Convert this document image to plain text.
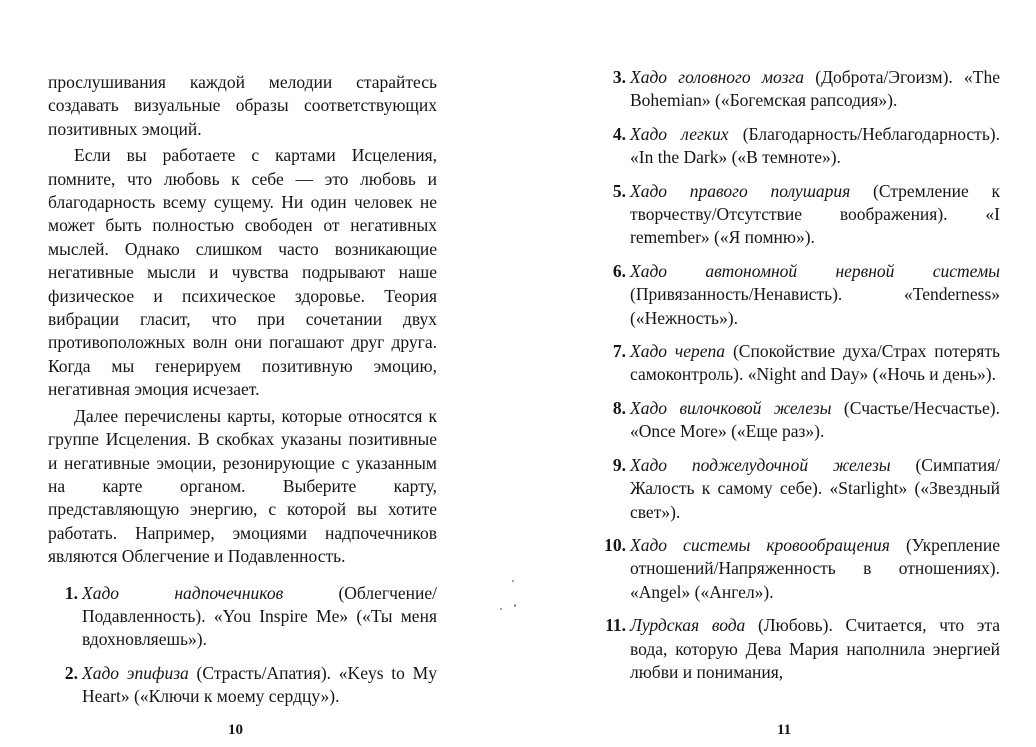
прослушивания каждой мелодии старайтесь создавать визуальные образы соответствующих позитивных эмоций.

Если вы работаете с картами Исцеления, помните, что любовь к себе — это любовь и благодарность всему сущему. Ни один человек не может быть полностью свободен от негативных мыслей. Однако слишком часто возникающие негативные мысли и чувства подрывают наше физическое и психическое здоровье. Теория вибрации гласит, что при сочетании двух противоположных волн они погашают друг друга. Когда мы генерируем позитивную эмоцию, негативная эмоция исчезает.

Далее перечислены карты, которые относятся к группе Исцеления. В скобках указаны позитивные и негативные эмоции, резонирующие с указанным на карте органом. Выберите карту, представляющую энергию, с которой вы хотите работать. Например, эмоциями надпочечников являются Облегчение и Подавленность.

1. Хадо надпочечников (Облегчение/Подавленность). «You Inspire Me» («Ты меня вдохновляешь»).
2. Хадо эпифиза (Страсть/Апатия). «Keys to My Heart» («Ключи к моему сердцу»).
10
3. Хадо головного мозга (Доброта/Эгоизм). «The Bohemian» («Богемская рапсодия»).
4. Хадо легких (Благодарность/Неблагодарность). «In the Dark» («В темноте»).
5. Хадо правого полушария (Стремление к творчеству/Отсутствие воображения). «I remember» («Я помню»).
6. Хадо автономной нервной системы (Привязанность/Ненависть). «Tenderness» («Нежность»).
7. Хадо черепа (Спокойствие духа/Страх потерять самоконтроль). «Night and Day» («Ночь и день»).
8. Хадо вилочковой железы (Счастье/Несчастье). «Once More» («Еще раз»).
9. Хадо поджелудочной железы (Симпатия/Жалость к самому себе). «Starlight» («Звездный свет»).
10. Хадо системы кровообращения (Укрепление отношений/Напряженность в отношениях). «Angel» («Ангел»).
11. Лурдская вода (Любовь). Считается, что эта вода, которую Дева Мария наполнила энергией любви и понимания,
11
